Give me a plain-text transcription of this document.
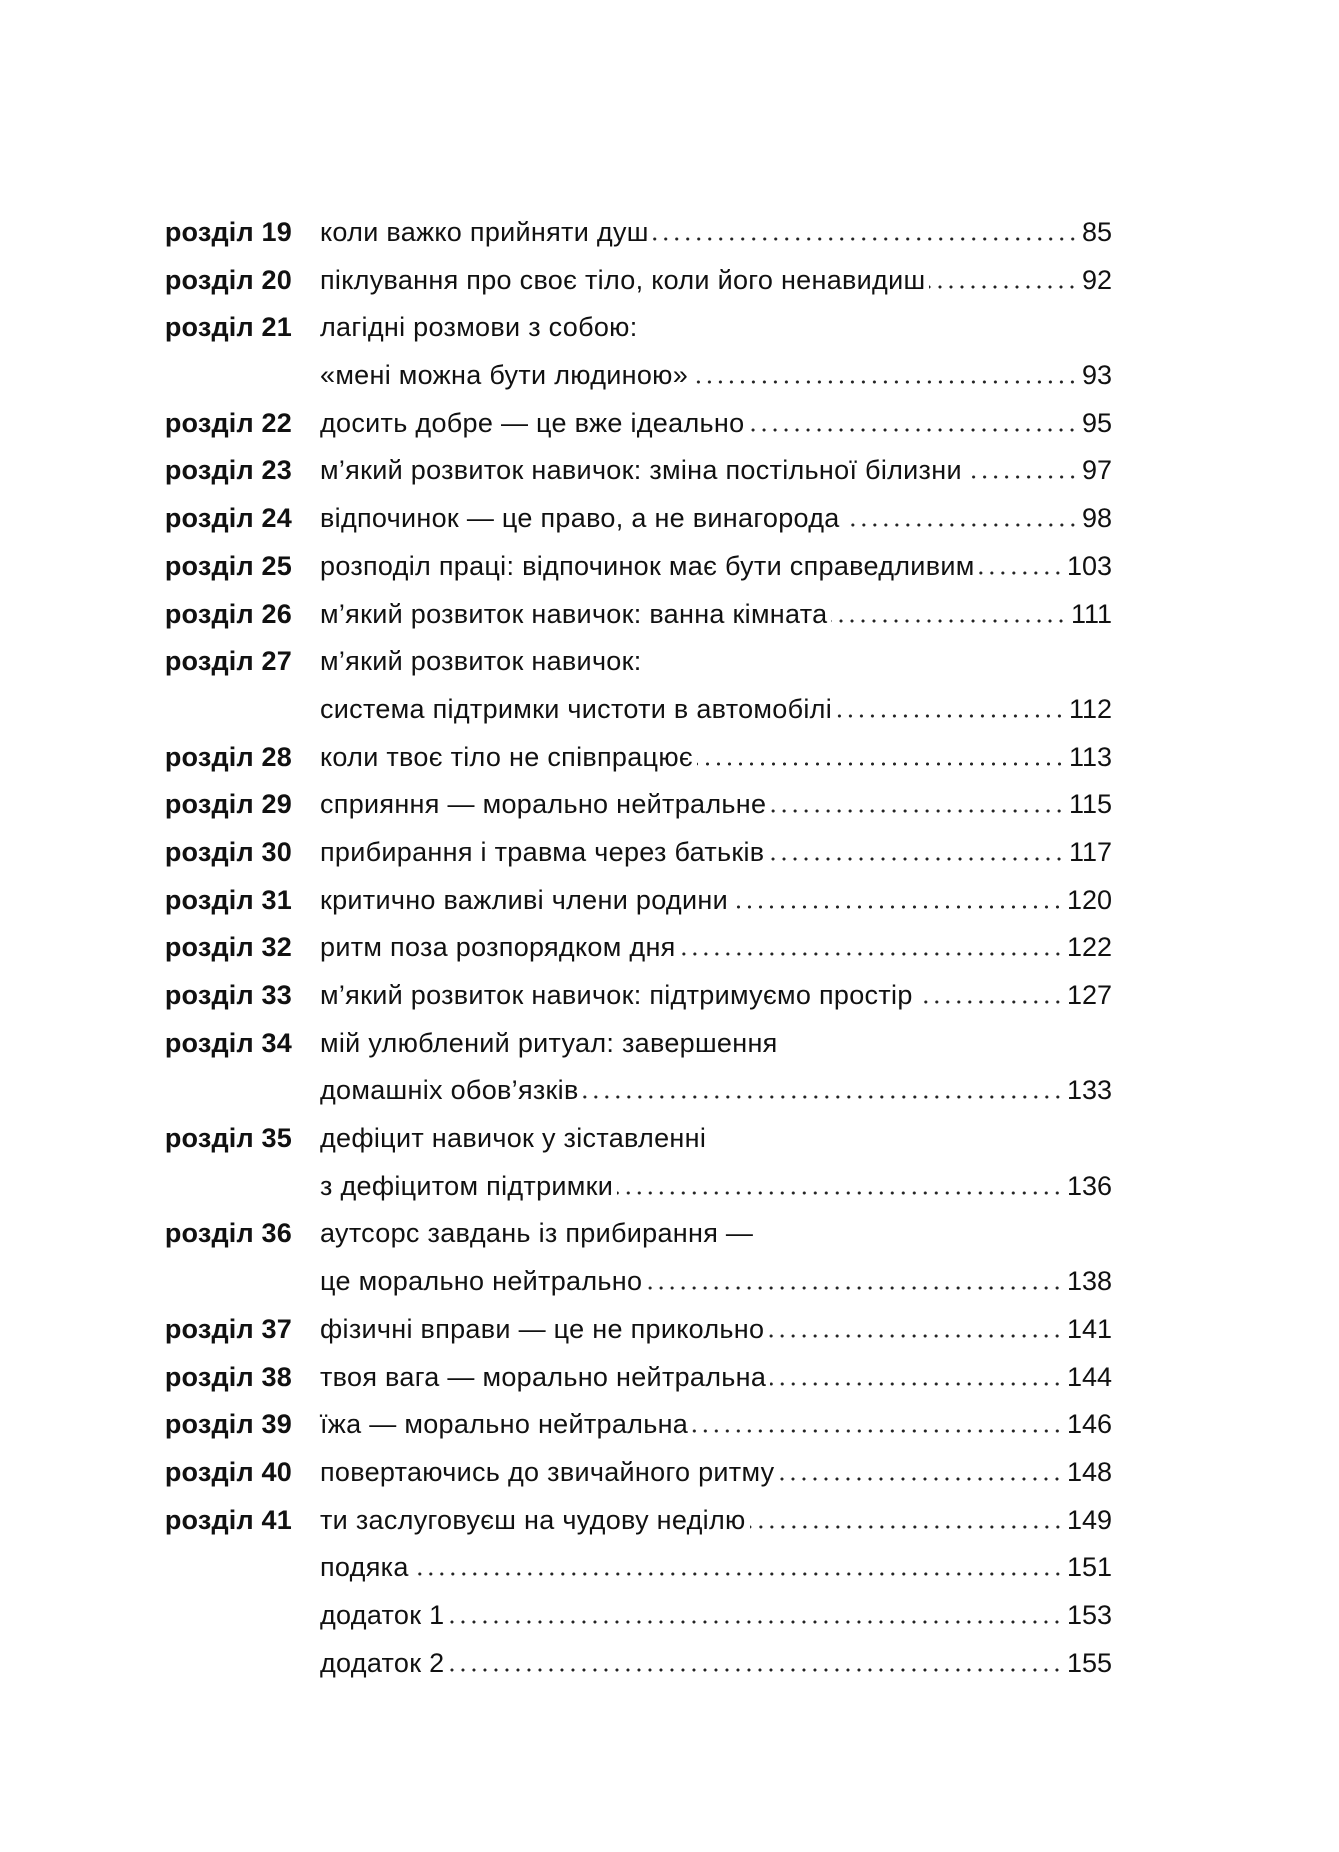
розділ 19 коли важко прийняти душ	85
розділ 20 піклування про своє тіло, коли його ненавидиш	92
розділ 21 лагідні розмови з собою:
«мені можна бути людиною»	93
розділ 22 досить добре — це вже ідеально	95
розділ 23 м’який розвиток навичок: зміна постільної білизни	97
розділ 24 відпочинок — це право, а не винагорода	98
розділ 25 розподіл праці: відпочинок має бути справедливим	103
розділ 26 м’який розвиток навичок: ванна кімната	111
розділ 27 м’який розвиток навичок:
система підтримки чистоти в автомобілі	112
розділ 28 коли твоє тіло не співпрацює	113
розділ 29 сприяння — морально нейтральне	115
розділ 30 прибирання і травма через батьків	117
розділ 31 критично важливі члени родини	120
розділ 32 ритм поза розпорядком дня	122
розділ 33 м’який розвиток навичок: підтримуємо простір	127
розділ 34 мій улюблений ритуал: завершення
домашніх обов’язків	133
розділ 35 дефіцит навичок у зіставленні
з дефіцитом підтримки	136
розділ 36 аутсорс завдань із прибирання —
це морально нейтрально	138
розділ 37 фізичні вправи — це не прикольно	141
розділ 38 твоя вага — морально нейтральна	144
розділ 39 їжа — морально нейтральна	146
розділ 40 повертаючись до звичайного ритму	148
розділ 41 ти заслуговуєш на чудову неділю	149
подяка	151
додаток 1	153
додаток 2	155
